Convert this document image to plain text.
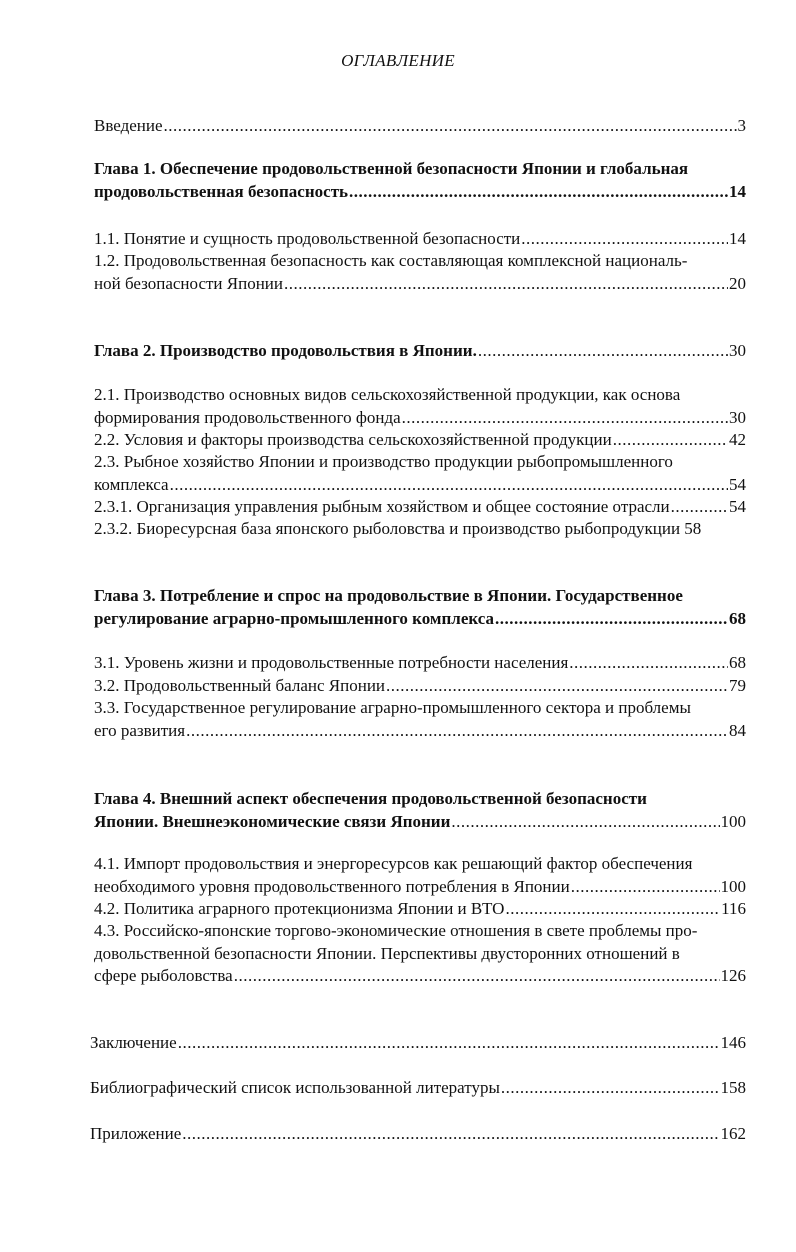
ОГЛАВЛЕНИЕ
Введение .....	3
Глава 1. Обеспечение продовольственной безопасности Японии и глобальная
продовольственная безопасность .....	14
1.1. Понятие и сущность продовольственной безопасности .....	14
1.2. Продовольственная безопасность как составляющая комплексной националь-
ной безопасности Японии .....	20
Глава 2. Производство продовольствия в Японии. .....	30
2.1. Производство основных видов сельскохозяйственной продукции, как основа
формирования продовольственного фонда .....	30
2.2. Условия и факторы производства сельскохозяйственной продукции .....	42
2.3. Рыбное хозяйство Японии и производство продукции рыбопромышленного
комплекса .....	54
2.3.1. Организация управления рыбным хозяйством и общее состояние отрасли .....	54
2.3.2. Биоресурсная база японского рыболовства и производство рыбопродукции 58
Глава 3. Потребление и спрос на продовольствие в Японии. Государственное
регулирование аграрно-промышленного комплекса .....	68
3.1. Уровень жизни и продовольственные потребности населения .....	68
3.2. Продовольственный баланс Японии .....	79
3.3. Государственное регулирование аграрно-промышленного сектора и проблемы
его развития .....	84
Глава 4. Внешний аспект обеспечения продовольственной безопасности
Японии. Внешнеэкономические связи Японии .....	100
4.1. Импорт продовольствия и энергоресурсов как решающий фактор обеспечения
необходимого уровня продовольственного потребления в Японии .....	100
4.2. Политика аграрного протекционизма Японии и ВТО .....	116
4.3. Российско-японские торгово-экономические отношения в свете проблемы про-
довольственной безопасности Японии. Перспективы двусторонних отношений в
сфере рыболовства .....	126
Заключение .....	146
Библиографический список использованной литературы .....	158
Приложение .....	162
